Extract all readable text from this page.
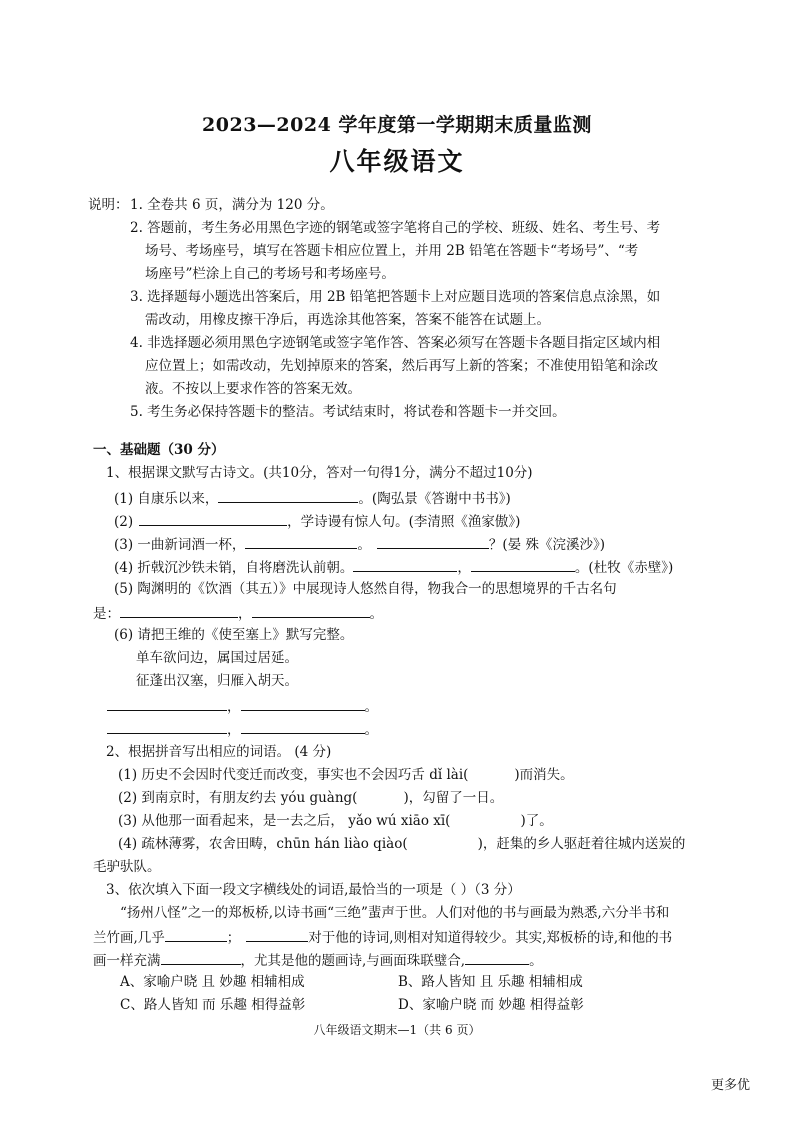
2023—2024 学年度第一学期期末质量监测
八年级语文
说明： 1. 全卷共 6 页，满分为 120 分。
2. 答题前，考生务必用黑色字迹的钢笔或签字笔将自己的学校、班级、姓名、考生号、考
场号、考场座号，填写在答题卡相应位置上，并用 2B 铅笔在答题卡“考场号”、“考
场座号”栏涂上自己的考场号和考场座号。
3. 选择题每小题选出答案后，用 2B 铅笔把答题卡上对应题目选项的答案信息点涂黑，如
需改动，用橡皮擦干净后，再选涂其他答案，答案不能答在试题上。
4. 非选择题必须用黑色字迹钢笔或签字笔作答、答案必须写在答题卡各题目指定区域内相
应位置上；如需改动，先划掉原来的答案，然后再写上新的答案；不准使用铅笔和涂改
液。不按以上要求作答的答案无效。
5. 考生务必保持答题卡的整洁。考试结束时，将试卷和答题卡一并交回。
一、基础题（30 分）
1、根据课文默写古诗文。(共10分，答对一句得1分，满分不超过10分)
(1) 自康乐以来，	。(陶弘景《答谢中书书》)
(2)	，学诗谩有惊人句。(李清照《渔家傲》)
(3) 一曲新词酒一杯，	。	？(晏 殊《浣溪沙》)
(4) 折戟沉沙铁未销，自将磨洗认前朝。	，	。(杜牧《赤壁》)
(5) 陶渊明的《饮酒（其五）》中展现诗人悠然自得，物我合一的思想境界的千古名句
是：	，	。
(6) 请把王维的《使至塞上》默写完整。
单车欲问边，属国过居延。
征蓬出汉塞，归雁入胡天。
，	。
，	。
2、根据拼音写出相应的词语。 (4 分)
(1) 历史不会因时代变迁而改变，事实也不会因巧舌 dǐ lài(	)而消失。
(2) 到南京时，有朋友约去 yóu guàng(	)，勾留了一日。
(3) 从他那一面看起来，是一去之后， yǎo wú xiāo xī(	)了。
(4) 疏林薄雾，农舍田畴，chūn hán liào qiào(	)，赶集的乡人驱赶着往城内送炭的
毛驴驮队。
3、依次填入下面一段文字横线处的词语,最恰当的一项是（ ）（3 分）
“扬州八怪”之一的郑板桥,以诗书画“三绝”蜚声于世。人们对他的书与画最为熟悉,六分半书和
兰竹画,几乎	；	对于他的诗词,则相对知道得较少。其实,郑板桥的诗,和他的书
画一样充满	，尤其是他的题画诗,与画面珠联璧合,	。
A、家喻户晓 且 妙趣 相辅相成	B、路人皆知 且 乐趣 相辅相成
C、路人皆知 而 乐趣 相得益彰	D、家喻户晓 而 妙趣 相得益彰
八年级语文期末—1（共 6 页）
更多优
